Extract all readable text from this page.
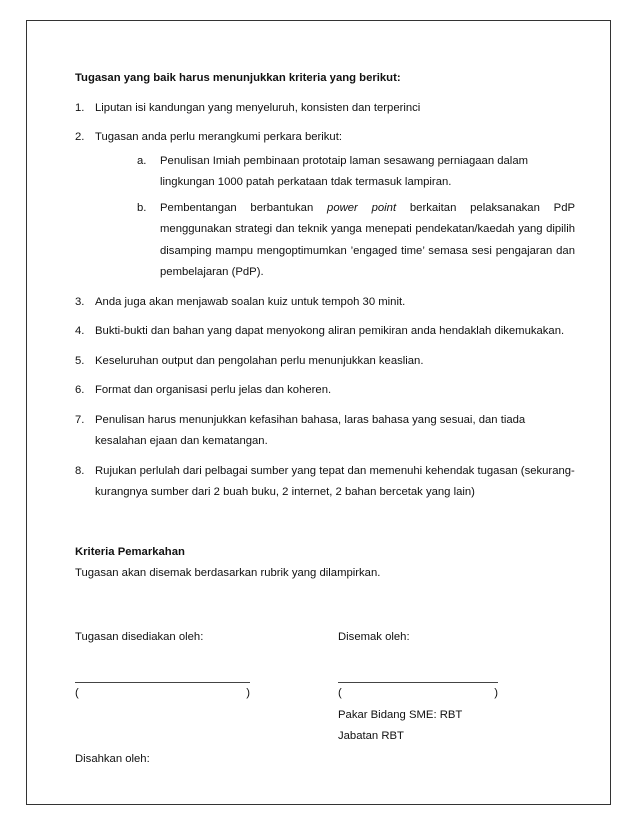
Tugasan yang baik harus menunjukkan kriteria yang berikut:
1. Liputan isi kandungan yang menyeluruh, konsisten dan terperinci
2. Tugasan anda perlu merangkumi perkara berikut:
a. Penulisan Imiah pembinaan prototaip laman sesawang perniagaan dalam lingkungan 1000 patah perkataan tdak termasuk lampiran.
b. Pembentangan berbantukan power point berkaitan pelaksanakan PdP menggunakan strategi dan teknik yanga menepati pendekatan/kaedah yang dipilih disamping mampu mengoptimumkan ’engaged time’ semasa sesi pengajaran dan pembelajaran (PdP).
3. Anda juga akan menjawab soalan kuiz untuk tempoh 30 minit.
4. Bukti-bukti dan bahan yang dapat menyokong aliran pemikiran anda hendaklah dikemukakan.
5. Keseluruhan output dan pengolahan perlu menunjukkan keaslian.
6. Format dan organisasi perlu jelas dan koheren.
7. Penulisan harus menunjukkan kefasihan bahasa, laras bahasa yang sesuai, dan tiada kesalahan ejaan dan kematangan.
8. Rujukan perlulah dari pelbagai sumber yang tepat dan memenuhi kehendak tugasan (sekurang-kurangnya sumber dari 2 buah buku, 2 internet, 2 bahan bercetak yang lain)
Kriteria Pemarkahan
Tugasan akan disemak berdasarkan rubrik yang dilampirkan.
Tugasan disediakan oleh:
(	)
Disahkan oleh:
Disemak oleh:
(	)
Pakar Bidang SME: RBT
Jabatan RBT
